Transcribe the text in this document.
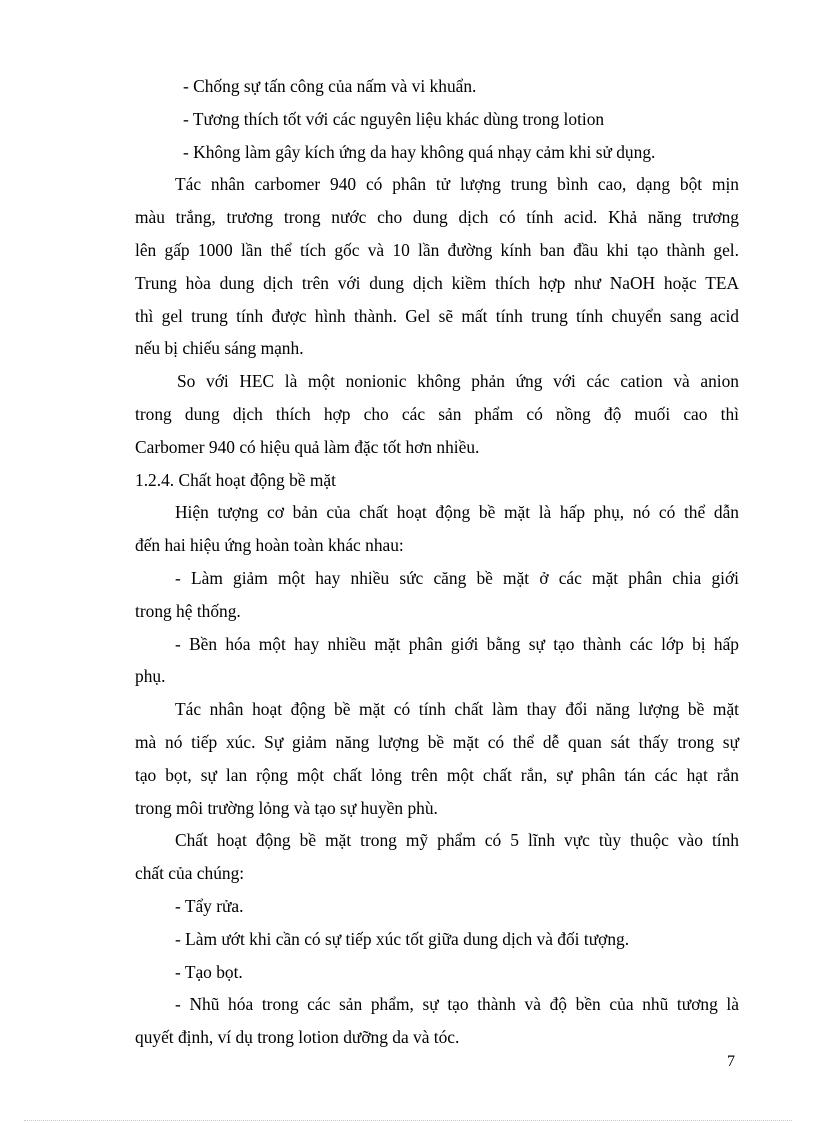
- Chống sự tấn công của nấm và vi khuẩn.
- Tương thích tốt với các nguyên liệu khác dùng trong lotion
- Không làm gây kích ứng da hay không quá nhạy cảm khi sử dụng.
Tác nhân carbomer 940 có phân tử lượng trung bình cao, dạng bột mịn
màu trắng, trương trong nước cho dung dịch có tính acid. Khả năng trương
lên gấp 1000 lần thể tích gốc và 10 lần đường kính ban đầu khi tạo thành gel.
Trung hòa dung dịch trên với dung dịch kiềm thích hợp như NaOH hoặc TEA
thì gel trung tính được hình thành. Gel sẽ mất tính trung tính chuyển sang acid
nếu bị chiếu sáng mạnh.
So với HEC là một nonionic không phản ứng với các cation và anion
trong dung dịch thích hợp cho các sản phẩm có nồng độ muối cao thì
Carbomer 940 có hiệu quả làm đặc tốt hơn nhiều.
1.2.4. Chất hoạt động bề mặt
Hiện tượng cơ bản của chất hoạt động bề mặt là hấp phụ, nó có thể dẫn
đến hai hiệu ứng hoàn toàn khác nhau:
- Làm giảm một hay nhiều sức căng bề mặt ở các mặt phân chia giới
trong hệ thống.
- Bền hóa một hay nhiều mặt phân giới bằng sự tạo thành các lớp bị hấp
phụ.
Tác nhân hoạt động bề mặt có tính chất làm thay đổi năng lượng bề mặt
mà nó tiếp xúc. Sự giảm năng lượng bề mặt có thể dễ quan sát thấy trong sự
tạo bọt, sự lan rộng một chất lỏng trên một chất rắn, sự phân tán các hạt rắn
trong môi trường lỏng và tạo sự huyền phù.
Chất hoạt động bề mặt trong mỹ phẩm có 5 lĩnh vực tùy thuộc vào tính
chất của chúng:
- Tẩy rửa.
- Làm ướt khi cần có sự tiếp xúc tốt giữa dung dịch và đối tượng.
- Tạo bọt.
- Nhũ hóa trong các sản phẩm, sự tạo thành và độ bền của nhũ tương là
quyết định, ví dụ trong lotion dưỡng da và tóc.
7
